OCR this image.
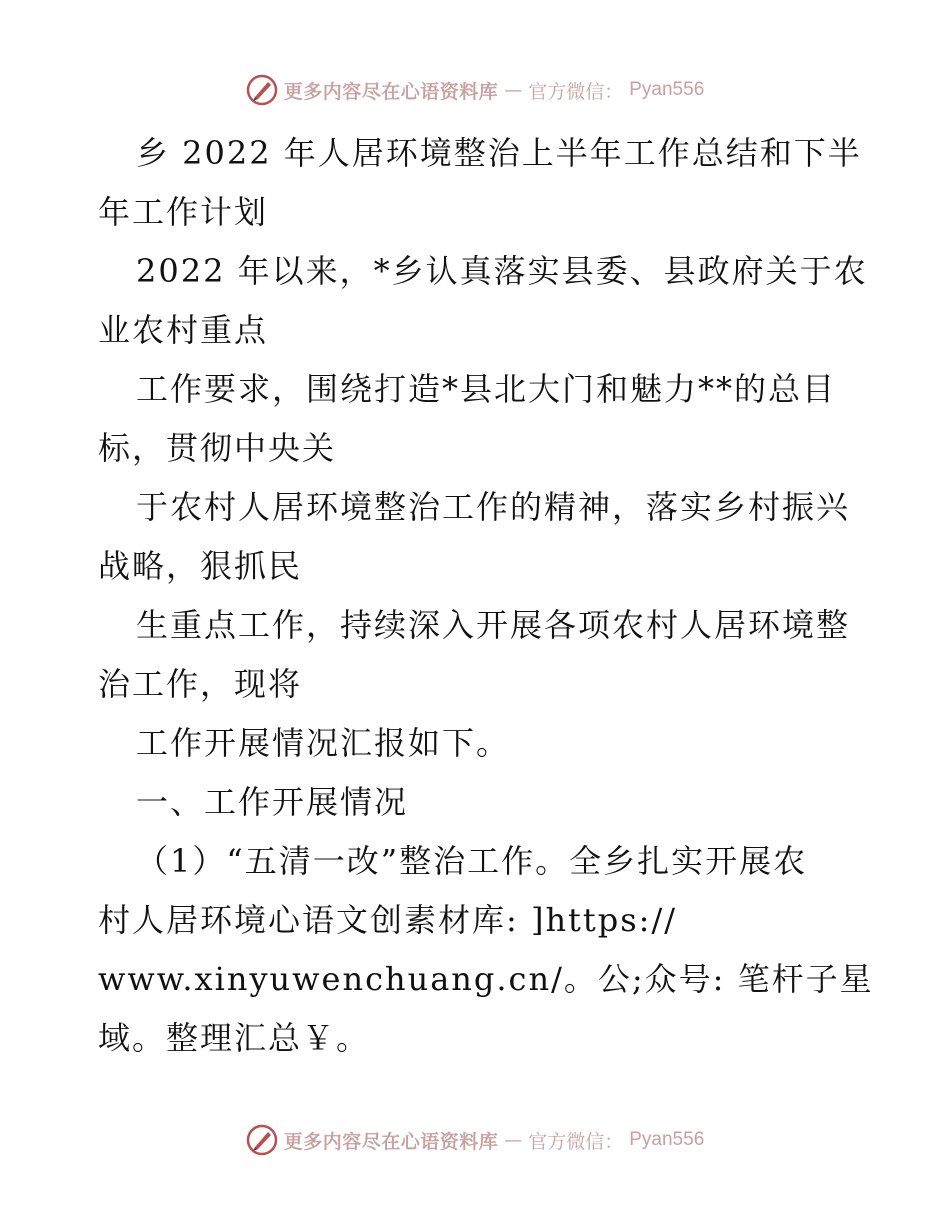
更多内容尽在心语资料库 — 官方微信： Pyan556
乡 2022 年人居环境整治上半年工作总结和下半
年工作计划
2022 年以来，*乡认真落实县委、县政府关于农
业农村重点
工作要求，围绕打造*县北大门和魅力**的总目
标，贯彻中央关
于农村人居环境整治工作的精神，落实乡村振兴
战略，狠抓民
生重点工作，持续深入开展各项农村人居环境整
治工作，现将
工作开展情况汇报如下。
一、工作开展情况
（1）“五清一改”整治工作。全乡扎实开展农
村人居环境心语文创素材库: ]https://
www.xinyuwenchuang.cn/。公;众号: 笔杆子星
域。整理汇总￥。
更多内容尽在心语资料库 — 官方微信： Pyan556
